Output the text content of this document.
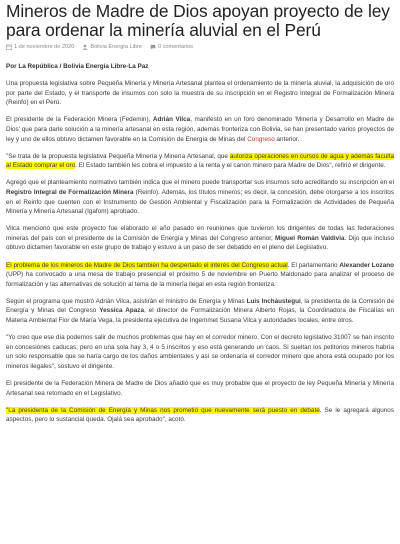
Mineros de Madre de Dios apoyan proyecto de ley para ordenar la minería aluvial en el Perú
1 de noviembre de 2020	Bolivia Energía Libre	0 comentarios

Por La República / Bolivia Energía Libre-La Paz

Una propuesta legislativa sobre Pequeña Minería y Minería Artesanal plantea el ordenamiento de la minería aluvial, la adquisición de oro por parte del Estado, y el transporte de insumos con solo la muestra de su inscripción en el Registro Integral de Formalización Minera (Reinfo) en el Perú.

El presidente de la Federación Minera (Fedemin), Adrián Vilca, manifestó en un foro denominado 'Minería y Desarrollo en Madre de Dios' que para darle solución a la minería artesanal en esta región, además fronteriza con Bolivia, se han presentado varios proyectos de ley y uno de ellos obtuvo dictamen favorable en la Comisión de Energía de Minas del Congreso anterior.

"Se trata de la propuesta legislativa Pequeña Minería y Minería Artesanal, que autoriza operaciones en cursos de agua y además faculta al Estado comprar el oro. El Estado también les cobra el impuesto a la renta y el canon minero para Madre de Dios", refirió el dirigente.

Agregó que el planteamiento normativo también indica que el minero puede transportar sus insumos solo acreditando su inscripción en el Registro Integral de Formalización Minera (Reinfo). Además, los títulos mineros; es decir, la concesión, debe otorgarse a los inscritos en el Reinfo que cuenten con el Instrumento de Gestión Ambiental y Fiscalización para la Formalización de Actividades de Pequeña Minería y Minería Artesanal (Igafom) aprobado.

Vilca mencionó que este proyecto fue elaborado el año pasado en reuniones que tuvieron los dirigentes de todas las federaciones mineras del país con el presidente de la Comisión de Energía y Minas del Congreso anterior, Miguel Román Valdivia. Dijo que incluso obtuvo dictamen favorable en este grupo de trabajo y estuvo a un paso de ser debatido en el pleno del Legislativo.

El problema de los mineros de Madre de Dios también ha despertado el interés del Congreso actual. El parlamentario Alexander Lozano (UPP) ha convocado a una mesa de trabajo presencial el próximo 5 de noviembre en Puerto Maldonado para analizar el proceso de formalización y las alternativas de solución al tema de la minería ilegal en esta región fronteriza.

Según el programa que mostró Adrián Vilca, asistirán el ministro de Energía y Minas Luis Incháustegui, la presidenta de la Comisión de Energía y Minas del Congreso Yessica Apaza, el director de Formalización Minera Alberto Rojas, la Coordinadora de Fiscalías en Materia Ambiental Flor de María Vega, la presidenta ejecutiva de Ingemmet Susana Vilca y autoridades locales, entre otros.

"Yo creo que ese día podemos salir de muchos problemas que hay en el corredor minero. Con el decreto legislativo 31007 se han inscrito en concesiones caducas, pero en una sola hay 3, 4 o 5 inscritos y eso está generando un caos. Si sueltan los petitorios mineros habría un solo responsable que se haría cargo de los daños ambientales y así se ordenaría el corredor minero que ahora está ocupado por los mineros ilegales", sostuvo el dirigente.

El presidente de la Federación Minera de Madre de Dios añadió que es muy probable que el proyecto de ley Pequeña Minería y Minería Artesanal sea retomado en el Legislativo.

"La presidenta de la Comisión de Energía y Minas nos prometió que nuevamente será puesto en debate. Se le agregará algunos aspectos, pero lo sustancial queda. Ojalá sea aprobado", acotó.
